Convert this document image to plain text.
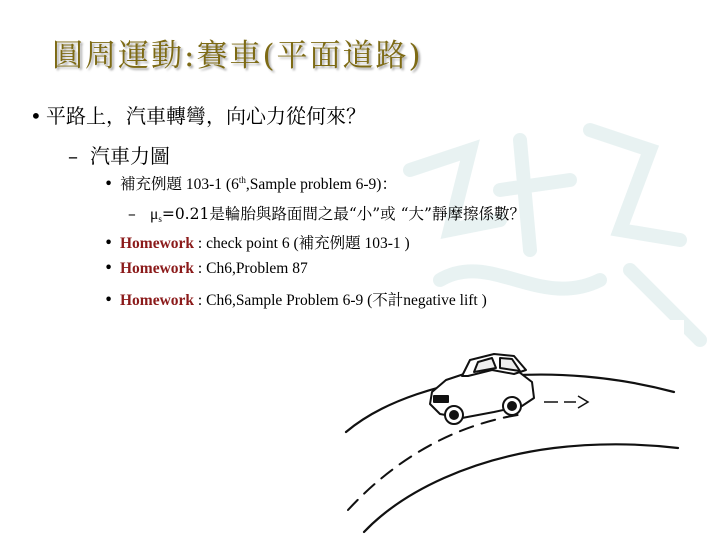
圓周運動:賽車(平面道路)
• 平路上，汽車轉彎，向心力從何來？
– 汽車力圖
• 補充例題 103-1 (6th,Sample problem 6-9)：
– $\mu_s=0.21$是輪胎與路面間之最“小”或 “大”靜摩擦係數？
• Homework : check point 6 (補充例題 103-1 )
• Homework : Ch6,Problem 87
• Homework : Ch6,Sample Problem 6-9 (不計negative lift )
